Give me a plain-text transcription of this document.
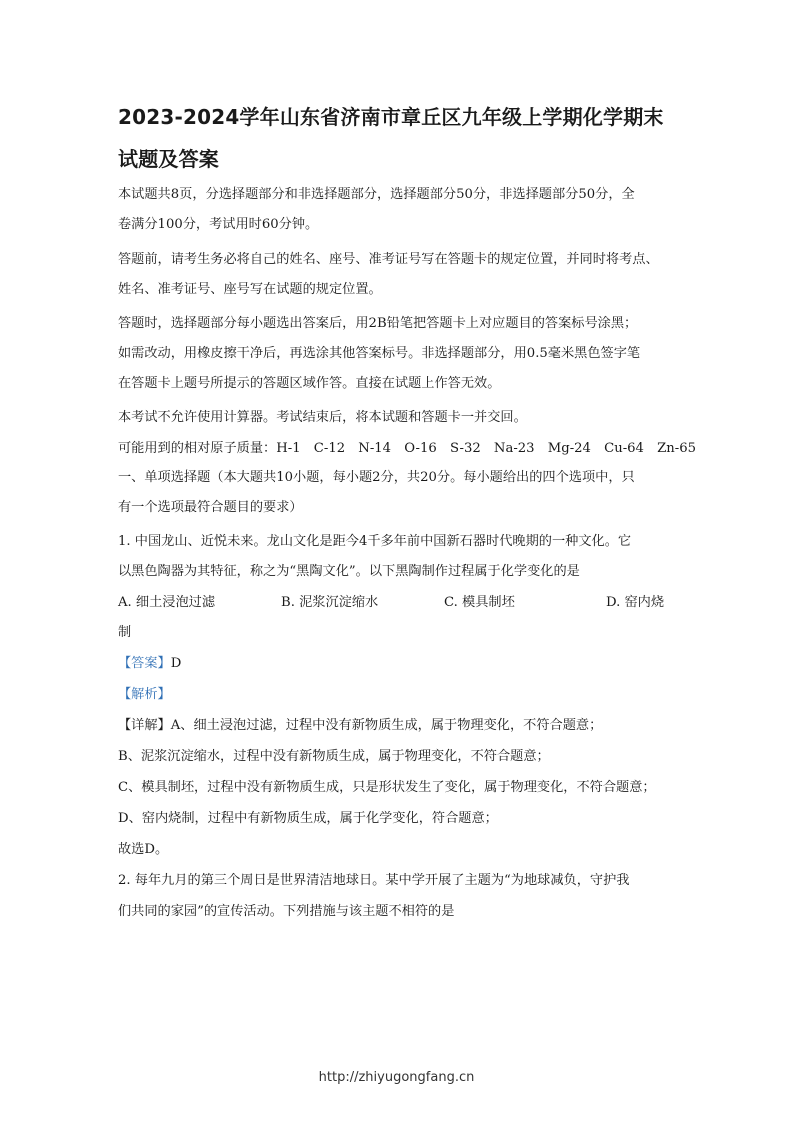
2023-2024学年山东省济南市章丘区九年级上学期化学期末
试题及答案
本试题共8页，分选择题部分和非选择题部分，选择题部分50分，非选择题部分50分，全
卷满分100分，考试用时60分钟。
答题前，请考生务必将自己的姓名、座号、准考证号写在答题卡的规定位置，并同时将考点、
姓名、准考证号、座号写在试题的规定位置。
答题时，选择题部分每小题选出答案后，用2B铅笔把答题卡上对应题目的答案标号涂黑；
如需改动，用橡皮擦干净后，再选涂其他答案标号。非选择题部分，用0.5毫米黑色签字笔
在答题卡上题号所提示的答题区域作答。直接在试题上作答无效。
本考试不允许使用计算器。考试结束后，将本试题和答题卡一并交回。
可能用到的相对原子质量：H-1　C-12　N-14　O-16　S-32　Na-23　Mg-24　Cu-64　Zn-65
一、单项选择题（本大题共10小题，每小题2分，共20分。每小题给出的四个选项中，只
有一个选项最符合题目的要求）
1. 中国龙山、近悦未来。龙山文化是距今4千多年前中国新石器时代晚期的一种文化。它
以黑色陶器为其特征，称之为“黑陶文化”。以下黑陶制作过程属于化学变化的是
A. 细土浸泡过滤	B. 泥浆沉淀缩水	C. 模具制坯	D. 窑内烧
制
【答案】D
【解析】
【详解】A、细土浸泡过滤，过程中没有新物质生成，属于物理变化，不符合题意；
B、泥浆沉淀缩水，过程中没有新物质生成，属于物理变化，不符合题意；
C、模具制坯，过程中没有新物质生成，只是形状发生了变化，属于物理变化，不符合题意；
D、窑内烧制，过程中有新物质生成，属于化学变化，符合题意；
故选D。
2. 每年九月的第三个周日是世界清洁地球日。某中学开展了主题为“为地球减负，守护我
们共同的家园”的宣传活动。下列措施与该主题不相符的是
http://zhiyugongfang.cn
